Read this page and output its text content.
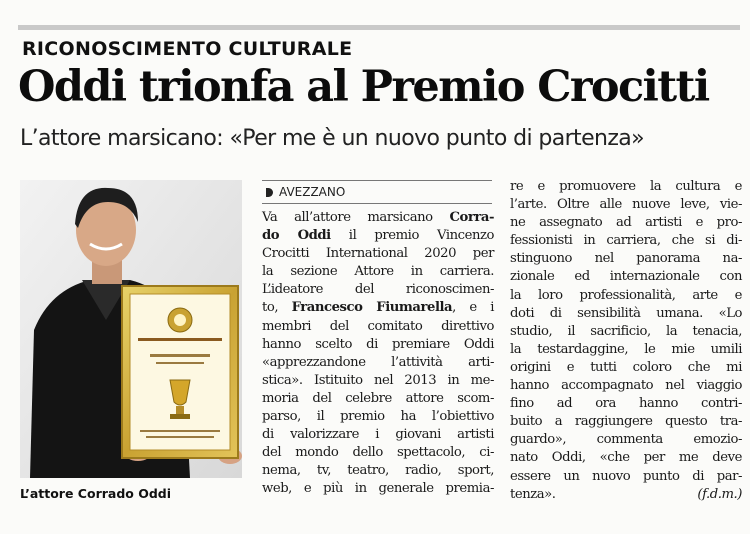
RICONOSCIMENTO CULTURALE
Oddi trionfa al Premio Crocitti
L’attore marsicano: «Per me è un nuovo punto di partenza»
L’attore Corrado Oddi
AVEZZANO
Va all’attore marsicano Corra-
do Oddi il premio Vincenzo
Crocitti International 2020 per
la sezione Attore in carriera.
L’ideatore del riconoscimen-
to, Francesco Fiumarella, e i
membri del comitato direttivo
hanno scelto di premiare Oddi
«apprezzandone l’attività arti-
stica». Istituito nel 2013 in me-
moria del celebre attore scom-
parso, il premio ha l’obiettivo
di valorizzare i giovani artisti
del mondo dello spettacolo, ci-
nema, tv, teatro, radio, sport,
web, e più in generale premia-
re e promuovere la cultura e
l’arte. Oltre alle nuove leve, vie-
ne assegnato ad artisti e pro-
fessionisti in carriera, che si di-
stinguono nel panorama na-
zionale ed internazionale con
la loro professionalità, arte e
doti di sensibilità umana. «Lo
studio, il sacrificio, la tenacia,
la testardaggine, le mie umili
origini e tutti coloro che mi
hanno accompagnato nel viaggio
fino ad ora hanno contri-
buito a raggiungere questo tra-
guardo», commenta emozio-
nato Oddi, «che per me deve
essere un nuovo punto di par-
tenza».	(f.d.m.)
